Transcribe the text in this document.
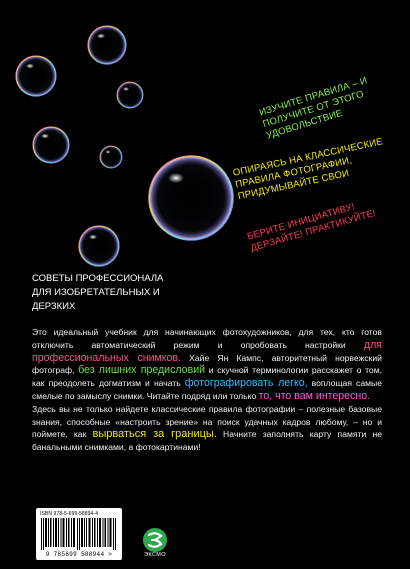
ИЗУЧИТЕ ПРАВИЛА – И ПОЛУЧИТЕ ОТ ЭТОГО УДОВОЛЬСТВИЕ
ОПИРАЯСЬ НА КЛАССИЧЕСКИЕ ПРАВИЛА ФОТОГРАФИИ, ПРИДУМЫВАЙТЕ СВОИ
БЕРИТЕ ИНИЦИАТИВУ! ДЕРЗАЙТЕ! ПРАКТИКУЙТЕ!
СОВЕТЫ ПРОФЕССИОНАЛА
ДЛЯ ИЗОБРЕТАТЕЛЬНЫХ И ДЕРЗКИХ
Это идеальный учебник для начинающих фотохудожников, для тех, кто готов отключить автоматический режим и опробовать настройки для профессиональных снимков. Хайе Ян Кампс, авторитетный норвежский фотограф, без лишних предисловий и скучной терминологии расскажет о том, как преодолеть догматизм и начать фотографировать легко, воплощая самые смелые по замыслу снимки. Читайте подряд или только то, что вам интересно.
Здесь вы не только найдете классические правила фотографии – полезные базовые знания, способные «настроить зрение» на поиск удачных кадров любому, – но и поймете, как вырваться за границы. Начните заполнять карту памяти не банальными снимками, а фотокартинами!
ISBN 978-5-699-58894-4
9 785699 588944 >	ЭКСМО
